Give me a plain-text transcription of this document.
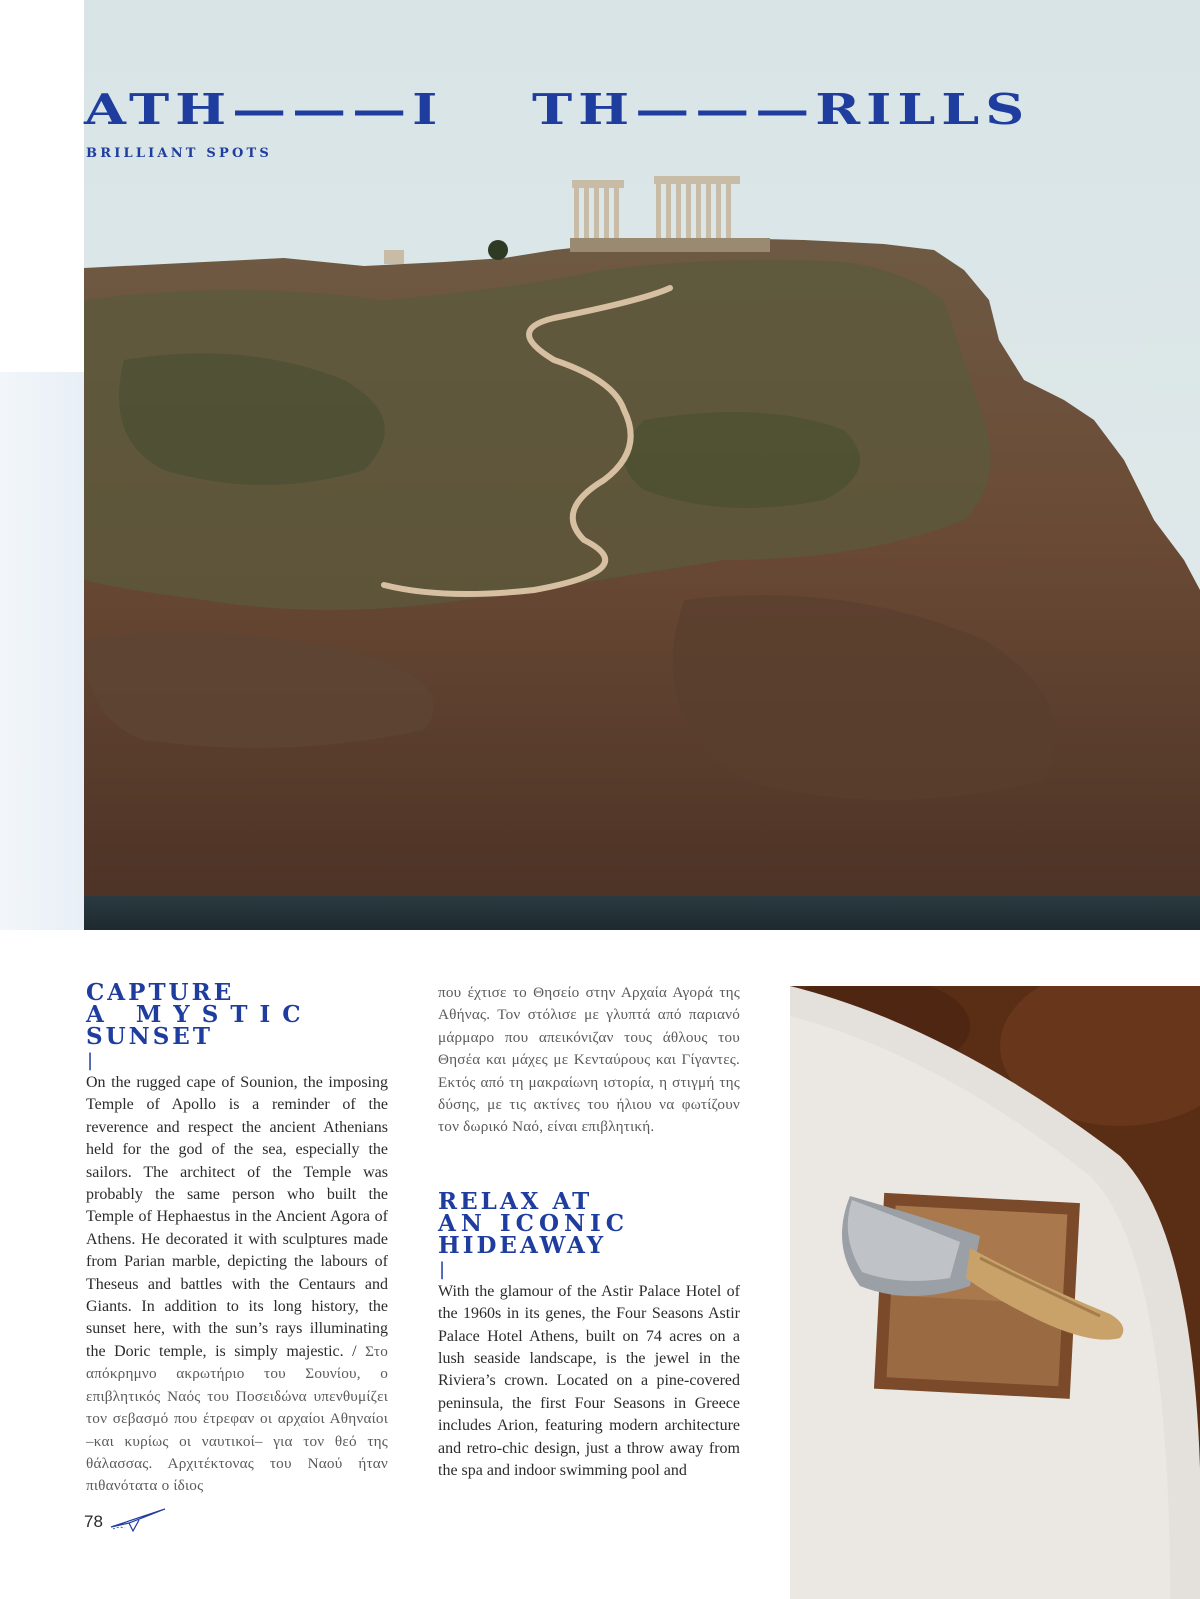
ATH———I TH———RILLS
BRILLIANT SPOTS
CAPTURE
A MYSTIC
SUNSET
|

On the rugged cape of Sounion, the imposing Temple of Apollo is a reminder of the reverence and respect the ancient Athenians held for the god of the sea, especially the sailors. The architect of the Temple was probably the same person who built the Temple of Hephaestus in the Ancient Agora of Athens. He decorated it with sculptures made from Parian marble, depicting the labours of Theseus and battles with the Centaurs and Giants. In addition to its long history, the sunset here, with the sun’s rays illuminating the Doric temple, is simply majestic. / Στο απόκρημνο ακρωτήριο του Σουνίου, ο επιβλητικός Ναός του Ποσειδώνα υπενθυμίζει τον σεβασμό που έτρεφαν οι αρχαίοι Αθηναίοι –και κυρίως οι ναυτικοί– για τον θεό της θάλασσας. Αρχιτέκτονας του Ναού ήταν πιθανότατα ο ίδιος

που έχτισε το Θησείο στην Αρχαία Αγορά της Αθήνας. Τον στόλισε με γλυπτά από παριανό μάρμαρο που απεικόνιζαν τους άθλους του Θησέα και μάχες με Κενταύρους και Γίγαντες. Εκτός από τη μακραίωνη ιστορία, η στιγμή της δύσης, με τις ακτίνες του ήλιου να φωτίζουν τον δωρικό Ναό, είναι επιβλητική.

RELAX AT
AN ICONIC
HIDEAWAY
|

With the glamour of the Astir Palace Hotel of the 1960s in its genes, the Four Seasons Astir Palace Hotel Athens, built on 74 acres on a lush seaside landscape, is the jewel in the Riviera’s crown. Located on a pine-covered peninsula, the first Four Seasons in Greece includes Arion, featuring modern architecture and retro-chic design, just a throw away from the spa and indoor swimming pool and

78
